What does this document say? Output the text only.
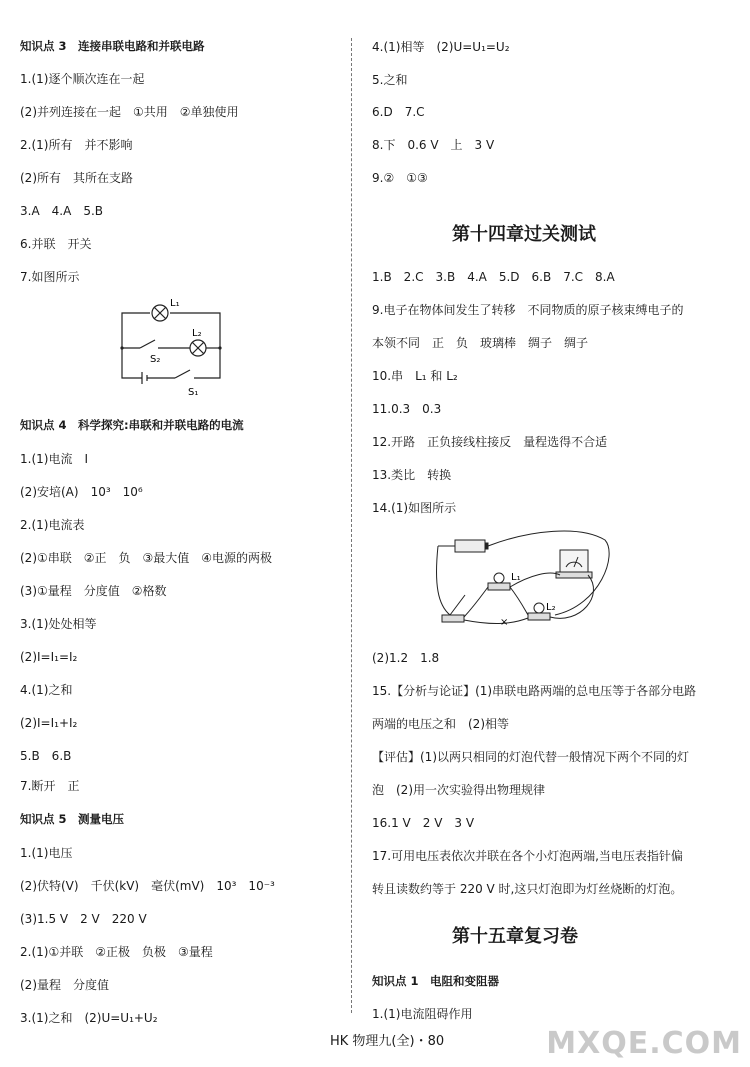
知识点 3　连接串联电路和并联电路
1.(1)逐个顺次连在一起
(2)并列连接在一起　①共用　②单独使用
2.(1)所有　并不影响
(2)所有　其所在支路
3.A　4.A　5.B
6.并联　开关
7.如图所示
知识点 4　科学探究:串联和并联电路的电流
1.(1)电流　I
(2)安培(A)　10³　10⁶
2.(1)电流表
(2)①串联　②正　负　③最大值　④电源的两极
(3)①量程　分度值　②格数
3.(1)处处相等
(2)I=I₁=I₂
4.(1)之和
(2)I=I₁+I₂
5.B　6.B
7.断开　正
知识点 5　测量电压
1.(1)电压
(2)伏特(V)　千伏(kV)　毫伏(mV)　10³　10⁻³
(3)1.5 V　2 V　220 V
2.(1)①并联　②正极　负极　③量程
(2)量程　分度值
3.(1)之和　(2)U=U₁+U₂
4.(1)相等　(2)U=U₁=U₂
5.之和
6.D　7.C
8.下　0.6 V　上　3 V
9.②　①③
第十四章过关测试
1.B　2.C　3.B　4.A　5.D　6.B　7.C　8.A
9.电子在物体间发生了转移　不同物质的原子核束缚电子的
本领不同　正　负　玻璃棒　绸子　绸子
10.串　L₁ 和 L₂
11.0.3　0.3
12.开路　正负接线柱接反　量程选得不合适
13.类比　转换
14.(1)如图所示
(2)1.2　1.8
15.【分析与论证】(1)串联电路两端的总电压等于各部分电路
两端的电压之和　(2)相等
【评估】(1)以两只相同的灯泡代替一般情况下两个不同的灯
泡　(2)用一次实验得出物理规律
16.1 V　2 V　3 V
17.可用电压表依次并联在各个小灯泡两端,当电压表指针偏
转且读数约等于 220 V 时,这只灯泡即为灯丝烧断的灯泡。
第十五章复习卷
知识点 1　电阻和变阻器
1.(1)电流阻碍作用
L₁
L₂
S₂
S₁
×
L₁
L₂
HK 物理九(全)・80	MXQE.COM
